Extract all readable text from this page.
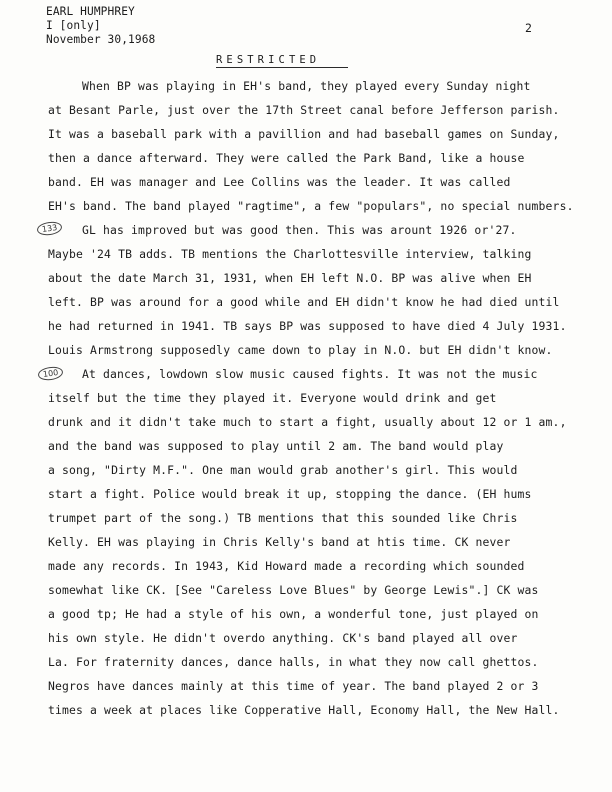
EARL HUMPHREY
I [only]
November 30,1968
2
RESTRICTED
133
100
When BP was playing in EH's band, they played every Sunday night
at Besant Parle, just over the 17th Street canal before Jefferson parish.
It was a baseball park with a pavillion and had baseball games on Sunday,
then a dance afterward. They were called the Park Band, like a house
band. EH was manager and Lee Collins was the leader. It was called
EH's band. The band played "ragtime", a few "populars", no special numbers.
GL has improved but was good then. This was arount 1926 or'27.
Maybe '24 TB adds. TB mentions the Charlottesville interview, talking
about the date March 31, 1931, when EH left N.O. BP was alive when EH
left. BP was around for a good while and EH didn't know he had died until
he had returned in 1941. TB says BP was supposed to have died 4 July 1931.
Louis Armstrong supposedly came down to play in N.O. but EH didn't know.
At dances, lowdown slow music caused fights. It was not the music
itself but the time they played it. Everyone would drink and get
drunk and it didn't take much to start a fight, usually about 12 or 1 am.,
and the band was supposed to play until 2 am. The band would play
a song, "Dirty M.F.". One man would grab another's girl. This would
start a fight. Police would break it up, stopping the dance. (EH hums
trumpet part of the song.) TB mentions that this sounded like Chris
Kelly. EH was playing in Chris Kelly's band at htis time. CK never
made any records. In 1943, Kid Howard made a recording which sounded
somewhat like CK. [See "Careless Love Blues" by George Lewis".] CK was
a good tp; He had a style of his own, a wonderful tone, just played on
his own style. He didn't overdo anything. CK's band played all over
La. For fraternity dances, dance halls, in what they now call ghettos.
Negros have dances mainly at this time of year. The band played 2 or 3
times a week at places like Copperative Hall, Economy Hall, the New Hall.
